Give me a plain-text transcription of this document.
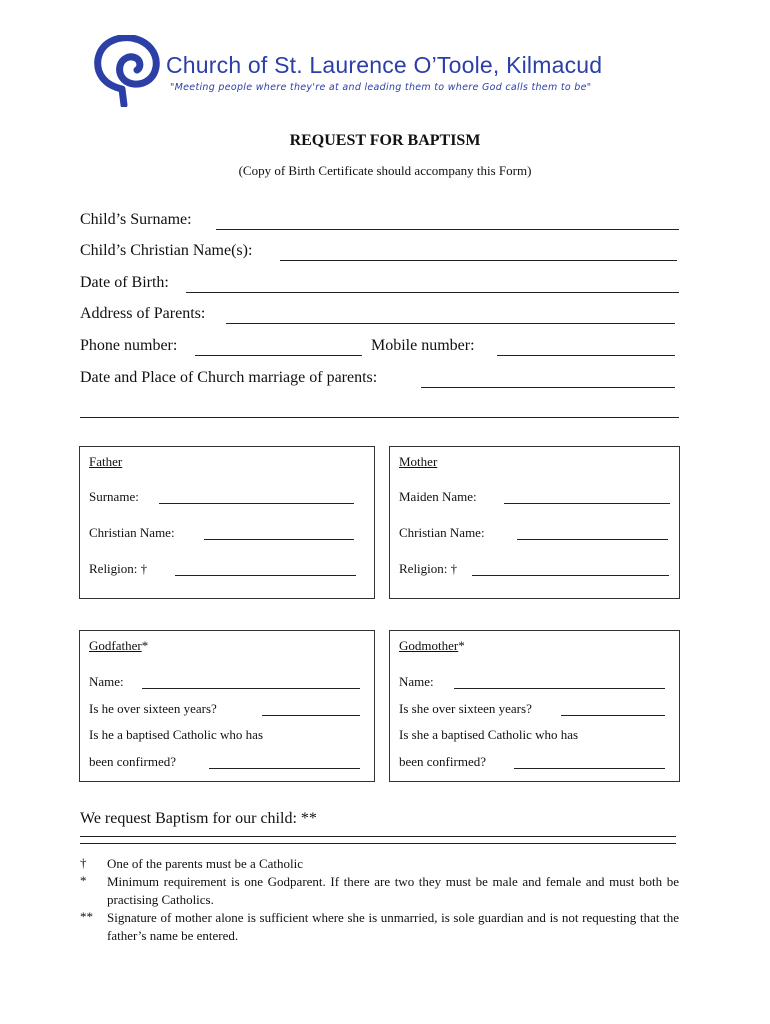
Church of St. Laurence O’Toole, Kilmacud
"Meeting people where they're at and leading them to where God calls them to be"
REQUEST FOR BAPTISM
(Copy of Birth Certificate should accompany this Form)
Child’s Surname:
Child’s Christian Name(s):
Date of Birth:
Address of Parents:
Phone number:	Mobile number:
Date and Place of Church marriage of parents:
Father
Surname:
Christian Name:
Religion: †
Mother
Maiden Name:
Christian Name:
Religion: †
Godfather*
Name:
Is he over sixteen years?
Is he a baptised Catholic who has
been confirmed?
Godmother*
Name:
Is she over sixteen years?
Is she a baptised Catholic who has
been confirmed?
We request Baptism for our child: **
† One of the parents must be a Catholic
* Minimum requirement is one Godparent. If there are two they must be male and female and must both be practising Catholics.
** Signature of mother alone is sufficient where she is unmarried, is sole guardian and is not requesting that the father’s name be entered.
